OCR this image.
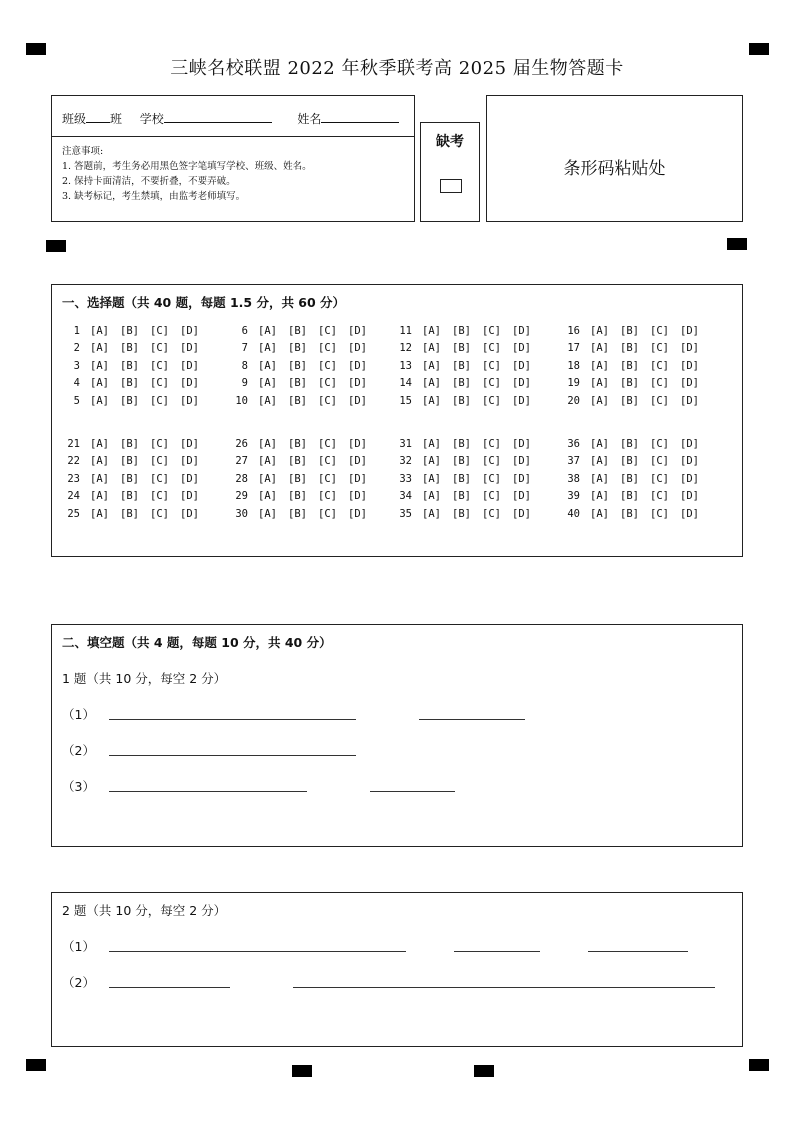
三峡名校联盟 2022 年秋季联考高 2025 届生物答题卡
班级 班 学校	姓名
注意事项:
1. 答题前，考生务必用黑色签字笔填写学校、班级、姓名。
2. 保持卡面清洁，不要折叠，不要弄破。
3. 缺考标记，考生禁填，由监考老师填写。
缺考
条形码粘贴处
一、选择题（共 40 题，每题 1.5 分，共 60 分）
1 [A]	[B]	[C]	[D]
2 [A]	[B]	[C]	[D]
3 [A]	[B]	[C]	[D]
4 [A]	[B]	[C]	[D]
5 [A]	[B]	[C]	[D]
6 [A]	[B]	[C]	[D]
7 [A]	[B]	[C]	[D]
8 [A]	[B]	[C]	[D]
9 [A]	[B]	[C]	[D]
10 [A]	[B]	[C]	[D]
11 [A]	[B]	[C]	[D]
12 [A]	[B]	[C]	[D]
13 [A]	[B]	[C]	[D]
14 [A]	[B]	[C]	[D]
15 [A]	[B]	[C]	[D]
16 [A]	[B]	[C]	[D]
17 [A]	[B]	[C]	[D]
18 [A]	[B]	[C]	[D]
19 [A]	[B]	[C]	[D]
20 [A]	[B]	[C]	[D]
21 [A]	[B]	[C]	[D]
22 [A]	[B]	[C]	[D]
23 [A]	[B]	[C]	[D]
24 [A]	[B]	[C]	[D]
25 [A]	[B]	[C]	[D]
26 [A]	[B]	[C]	[D]
27 [A]	[B]	[C]	[D]
28 [A]	[B]	[C]	[D]
29 [A]	[B]	[C]	[D]
30 [A]	[B]	[C]	[D]
31 [A]	[B]	[C]	[D]
32 [A]	[B]	[C]	[D]
33 [A]	[B]	[C]	[D]
34 [A]	[B]	[C]	[D]
35 [A]	[B]	[C]	[D]
36 [A]	[B]	[C]	[D]
37 [A]	[B]	[C]	[D]
38 [A]	[B]	[C]	[D]
39 [A]	[B]	[C]	[D]
40 [A]	[B]	[C]	[D]
二、填空题（共 4 题，每题 10 分，共 40 分）
1 题（共 10 分，每空 2 分）
（1）
（2）
（3）
2 题（共 10 分，每空 2 分）
（1）
（2）
